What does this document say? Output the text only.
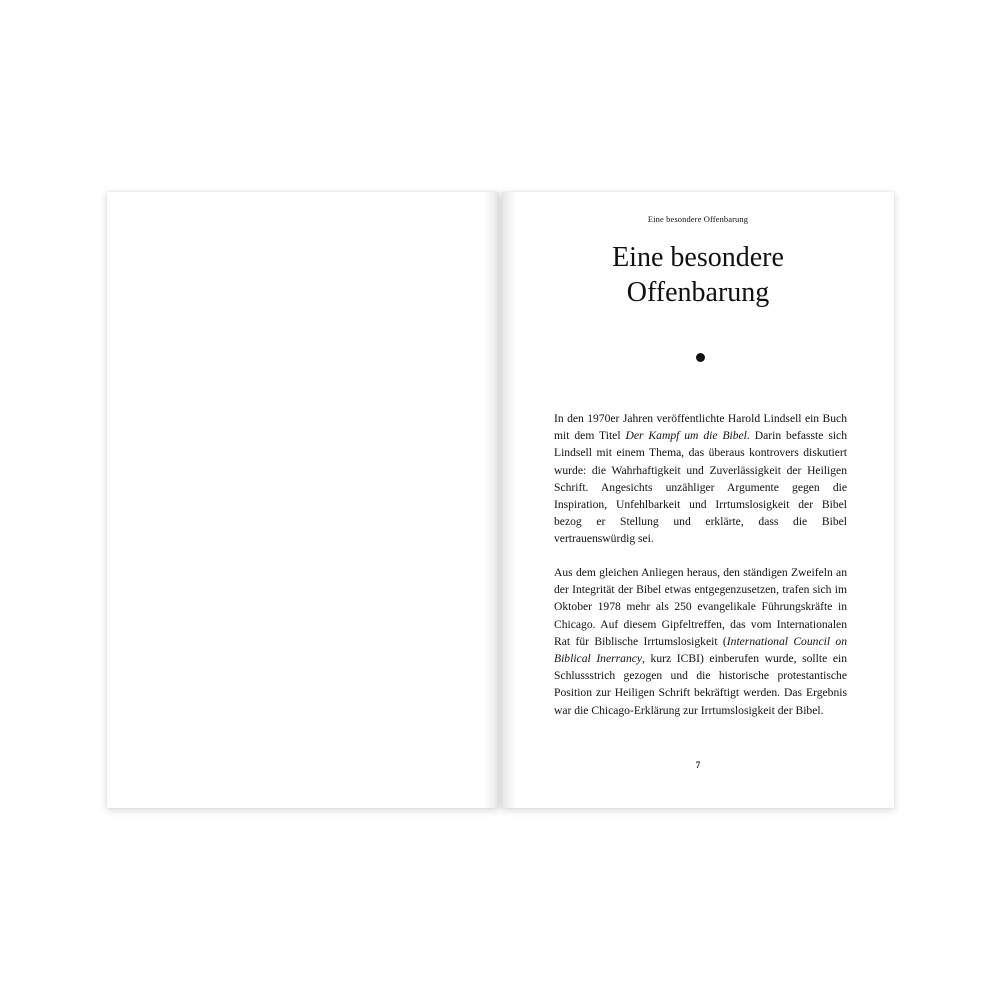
Eine besondere Offenbarung
Eine besondere
Offenbarung

In den 1970er Jahren veröffentlichte Harold Lindsell ein Buch mit dem Titel Der Kampf um die Bibel. Darin befasste sich Lindsell mit einem Thema, das überaus kontrovers diskutiert wurde: die Wahrhaftigkeit und Zuverlässigkeit der Heiligen Schrift. Angesichts unzähliger Argumente gegen die Inspiration, Unfehlbarkeit und Irrtumslosigkeit der Bibel bezog er Stellung und erklärte, dass die Bibel vertrauenswürdig sei.

Aus dem gleichen Anliegen heraus, den ständigen Zweifeln an der Integrität der Bibel etwas entgegenzusetzen, trafen sich im Oktober 1978 mehr als 250 evangelikale Führungskräfte in Chicago. Auf diesem Gipfeltreffen, das vom Internationalen Rat für Biblische Irrtumslosigkeit (International Council on Biblical Inerrancy, kurz ICBI) einberufen wurde, sollte ein Schlussstrich gezogen und die historische protestantische Position zur Heiligen Schrift bekräftigt werden. Das Ergebnis war die Chicago-Erklärung zur Irrtumslosigkeit der Bibel.

7
